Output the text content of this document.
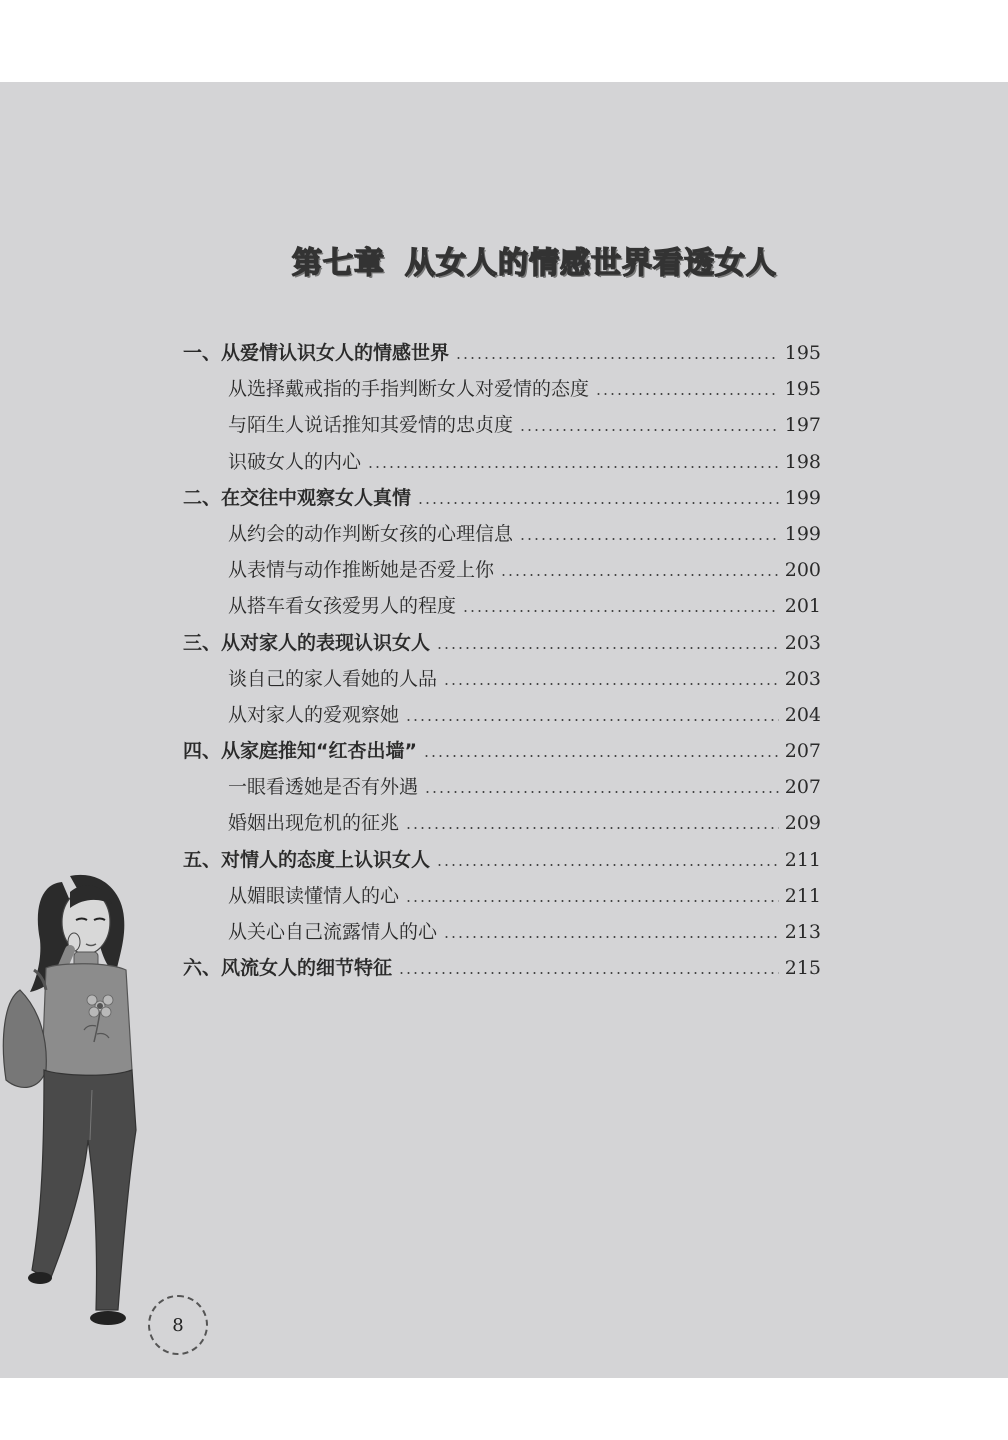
第七章 从女人的情感世界看透女人
一、从爱情认识女人的情感世界	195
从选择戴戒指的手指判断女人对爱情的态度	195
与陌生人说话推知其爱情的忠贞度	197
识破女人的内心	198
二、在交往中观察女人真情	199
从约会的动作判断女孩的心理信息	199
从表情与动作推断她是否爱上你	200
从搭车看女孩爱男人的程度	201
三、从对家人的表现认识女人	203
谈自己的家人看她的人品	203
从对家人的爱观察她	204
四、从家庭推知“红杏出墙”	207
一眼看透她是否有外遇	207
婚姻出现危机的征兆	209
五、对情人的态度上认识女人	211
从媚眼读懂情人的心	211
从关心自己流露情人的心	213
六、风流女人的细节特征	215
8
